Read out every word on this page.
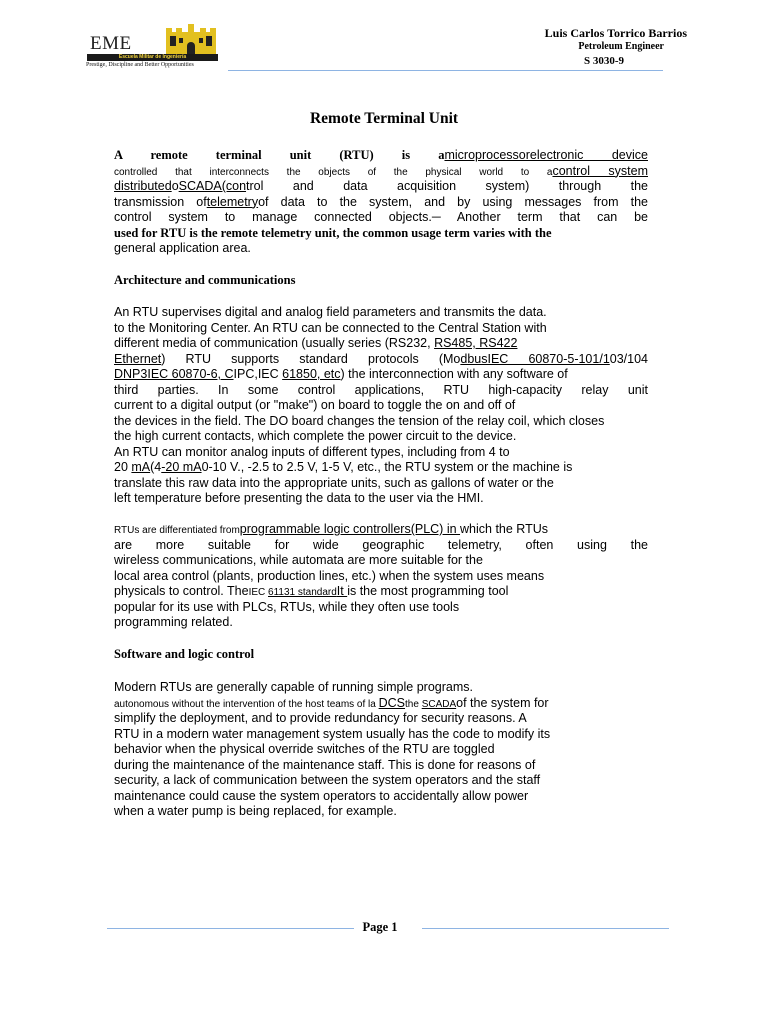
EME
Escuela Militar de Ingeniería
Prestige, Discipline and Better Opportunities
Luis Carlos Torrico Barrios
Petroleum Engineer
S 3030-9
Remote Terminal Unit
A remote terminal unit (RTU) is amicroprocessorelectronic device
controlled that interconnects the objects of the physical world to acontrol system
distributedoSCADA(control and data acquisition system) through the
transmission oftelemetryof data to the system, and by using messages from the
control system to manage connected objects.─ Another term that can be
used for RTU is the remote telemetry unit, the common usage term varies with the
general application area.
Architecture and communications
An RTU supervises digital and analog field parameters and transmits the data.
to the Monitoring Center. An RTU can be connected to the Central Station with
different media of communication (usually series (RS232, RS485, RS422
Ethernet) RTU supports standard protocols (ModbusIEC 60870-5-101/103/104
DNP3IEC 60870-6, CIPC,IEC 61850, etc) the interconnection with any software of
third parties. In some control applications, RTU high-capacity relay unit
current to a digital output (or "make") on board to toggle the on and off of
the devices in the field. The DO board changes the tension of the relay coil, which closes
the high current contacts, which complete the power circuit to the device.
An RTU can monitor analog inputs of different types, including from 4 to
20 mA(4-20 mA0-10 V., -2.5 to 2.5 V, 1-5 V, etc., the RTU system or the machine is
translate this raw data into the appropriate units, such as gallons of water or the
left temperature before presenting the data to the user via the HMI.
RTUs are differentiated fromprogrammable logic controllers(PLC) in which the RTUs
are more suitable for wide geographic telemetry, often using the
wireless communications, while automata are more suitable for the
local area control (plants, production lines, etc.) when the system uses means
physicals to control. TheIEC 61131 standardIt is the most programming tool
popular for its use with PLCs, RTUs, while they often use tools
programming related.
Software and logic control
Modern RTUs are generally capable of running simple programs.
autonomous without the intervention of the host teams of la DCSthe SCADAof the system for
simplify the deployment, and to provide redundancy for security reasons. A
RTU in a modern water management system usually has the code to modify its
behavior when the physical override switches of the RTU are toggled
during the maintenance of the maintenance staff. This is done for reasons of
security, a lack of communication between the system operators and the staff
maintenance could cause the system operators to accidentally allow power
when a water pump is being replaced, for example.
Page 1
